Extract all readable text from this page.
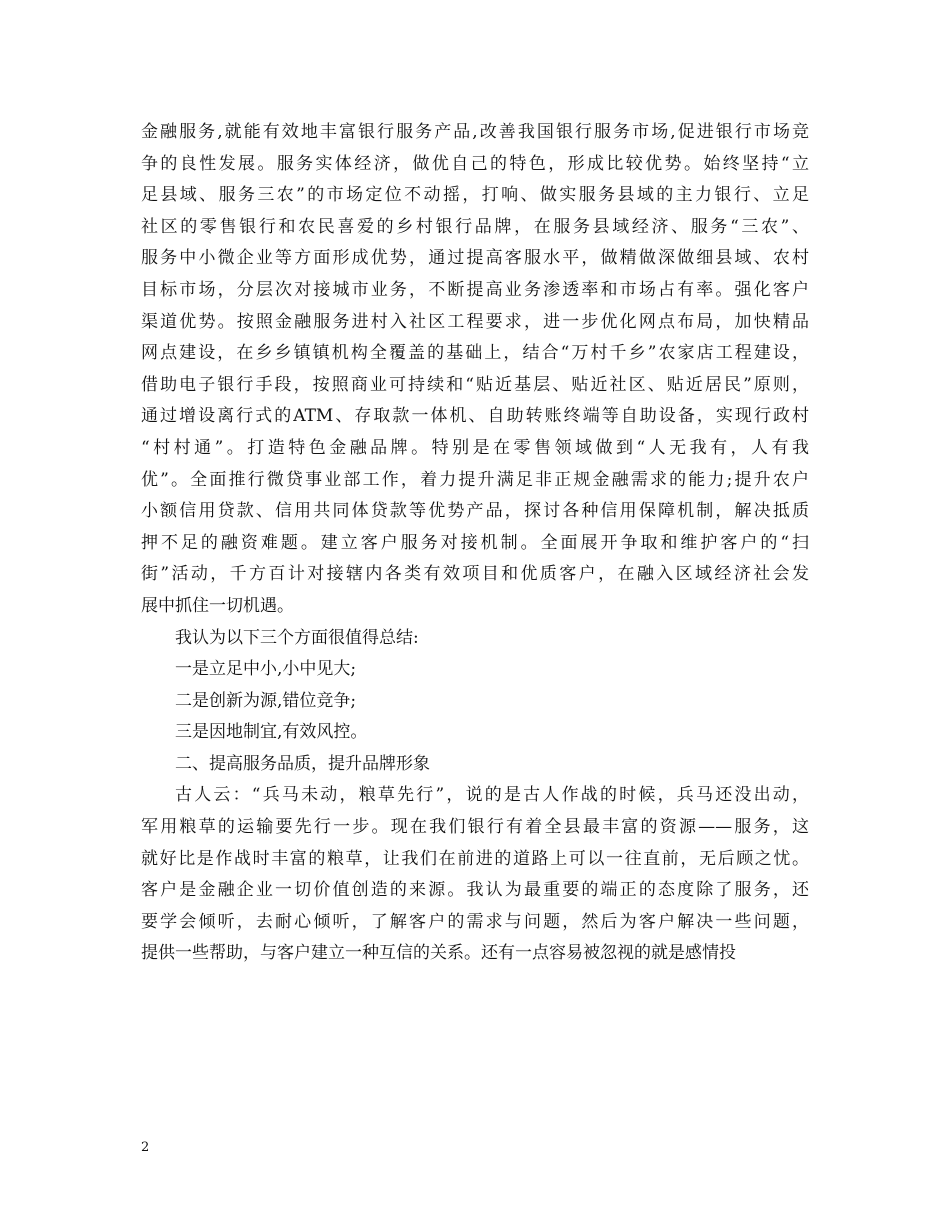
金融服务,就能有效地丰富银行服务产品,改善我国银行服务市场,促进银行市场竞
争的良性发展。服务实体经济，做优自己的特色，形成比较优势。始终坚持“立
足县域、服务三农”的市场定位不动摇，打响、做实服务县域的主力银行、立足
社区的零售银行和农民喜爱的乡村银行品牌，在服务县域经济、服务“三农”、
服务中小微企业等方面形成优势，通过提高客服水平，做精做深做细县域、农村
目标市场，分层次对接城市业务，不断提高业务渗透率和市场占有率。强化客户
渠道优势。按照金融服务进村入社区工程要求，进一步优化网点布局，加快精品
网点建设，在乡乡镇镇机构全覆盖的基础上，结合“万村千乡”农家店工程建设，
借助电子银行手段，按照商业可持续和“贴近基层、贴近社区、贴近居民”原则，
通过增设离行式的ATM、存取款一体机、自助转账终端等自助设备，实现行政村
“村村通”。打造特色金融品牌。特别是在零售领域做到“人无我有，人有我
优”。全面推行微贷事业部工作，着力提升满足非正规金融需求的能力;提升农户
小额信用贷款、信用共同体贷款等优势产品，探讨各种信用保障机制，解决抵质
押不足的融资难题。建立客户服务对接机制。全面展开争取和维护客户的“扫
街”活动，千方百计对接辖内各类有效项目和优质客户，在融入区域经济社会发
展中抓住一切机遇。
我认为以下三个方面很值得总结:
一是立足中小,小中见大;
二是创新为源,错位竞争;
三是因地制宜,有效风控。
二、提高服务品质，提升品牌形象
古人云：“兵马未动，粮草先行”，说的是古人作战的时候，兵马还没出动，
军用粮草的运输要先行一步。现在我们银行有着全县最丰富的资源——服务，这
就好比是作战时丰富的粮草，让我们在前进的道路上可以一往直前，无后顾之忧。
客户是金融企业一切价值创造的来源。我认为最重要的端正的态度除了服务，还
要学会倾听，去耐心倾听，了解客户的需求与问题，然后为客户解决一些问题，
提供一些帮助，与客户建立一种互信的关系。还有一点容易被忽视的就是感情投
2
